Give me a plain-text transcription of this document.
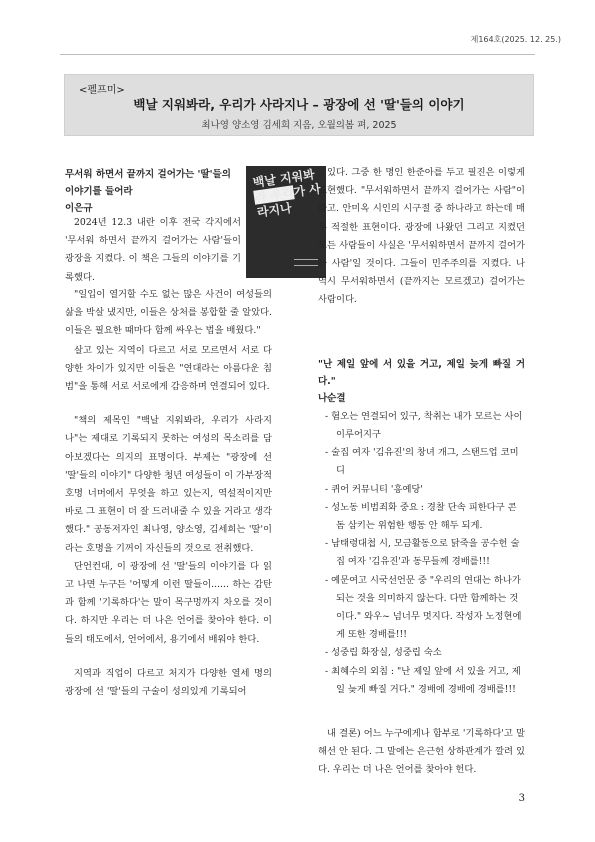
제164호(2025. 12. 25.)
<펠프미>
백날 지워봐라, 우리가 사라지나 – 광장에 선 '딸'들의 이야기
최나영 양소영 김세희 지음, 오월의봄 펴, 2025

무서워 하면서 끝까지 걸어가는 '딸'들의

이야기를 들어라

이은규

백날 지워봐라 우리가 사라지나

2024년 12.3 내란 이후 전국 각지에서 '무서워 하면서 끝까지 걸어가는 사람'들이 광장을 지켰다. 이 책은 그들의 이야기를 기록했다.

"일입이 열거할 수도 없는 많은 사건이 여성들의 삶을 박살 냈지만, 이들은 상처를 봉합할 줄 알았다. 이들은 필요한 때마다 함께 싸우는 법을 배웠다."

살고 있는 지역이 다르고 서로 모르면서 서로 다양한 차이가 있지만 이들은 "연대라는 아름다운 침범"을 통해 서로 서로에게 감응하며 연결되어 있다.

"책의 제목인 "백날 지워봐라, 우리가 사라지나"는 제대로 기록되지 못하는 여성의 목소리를 담아보겠다는 의지의 표명이다. 부제는 "광장에 선 '딸'들의 이야기" 다양한 청년 여성들이 이 가부장적 호명 너머에서 무엇을 하고 있는지, 역설적이지만 바로 그 표현이 더 잘 드러내줄 수 있을 거라고 생각했다." 공동저자인 최나영, 양소영, 김세희는 '딸'이라는 호명을 기꺼이 자신들의 것으로 전취했다.

단언컨대, 이 광장에 선 '딸'들의 이야기를 다 읽고 나면 누구든 '어떻게 이런 딸들이...... 하는 감탄과 함께 '기록하다'는 말이 목구멍까지 차오를 것이다. 하지만 우리는 더 나은 언어를 찾아야 한다. 이들의 태도에서, 언어에서, 용기에서 배워야 한다.

지역과 직업이 다르고 처지가 다양한 열세 명의 광장에 선 '딸'들의 구술이 성의있게 기록되어

있다. 그중 한 명인 한준아를 두고 필진은 이렇게 표현했다. "무서워하면서 끝까지 걸어가는 사람"이라고. 안미옥 시인의 시구절 중 하나라고 하는데 매우 적절한 표현이다. 광장에 나왔던 그리고 지켰던 모든 사람들이 사실은 '무서워하면서 끝까지 걸어가는 사람'일 것이다. 그들이 민주주의를 지켰다. 나 역시 무서워하면서 (끝까지는 모르겠고) 걸어가는 사람이다.

"난 제일 앞에 서 있을 거고, 제일 늦게 빠질 거다."

나순결

- 혐오는 연결되어 있구, 착취는 내가 모르는 사이 이루어지구
- 술집 여자 '김유진'의 창녀 개그, 스탠드업 코미디
- 퀴어 커뮤니티 '흥예당'
- 성노동 비범죄화 중요 : 경찰 단속 피한다구 콘돔 삼키는 위험한 행동 안 해두 되게.
- 남태령대첩 시, 모금활동으로 닭죽을 공수헌 술집 여자 '김유진'과 동무들께 경배를!!!
- 예문여고 시국선언문 중 "우리의 연대는 하나가 되는 것을 의미하지 않는다. 다만 함께하는 것이다." 와우~ 넘너무 멋지다. 작성자 노정현에게 또한 경배를!!!
- 성중립 화장실, 성중립 숙소
- 최혜수의 외침 : "난 제일 앞에 서 있을 거고, 제일 늦게 빠질 거다." 경배에 경배에 경배를!!!

내 결론) 어느 누구에게나 함부로 '기록하다'고 말해선 안 된다. 그 말에는 은근헌 상하관계가 깔려 있다. 우리는 더 나은 언어를 찾아야 헌다.

3
